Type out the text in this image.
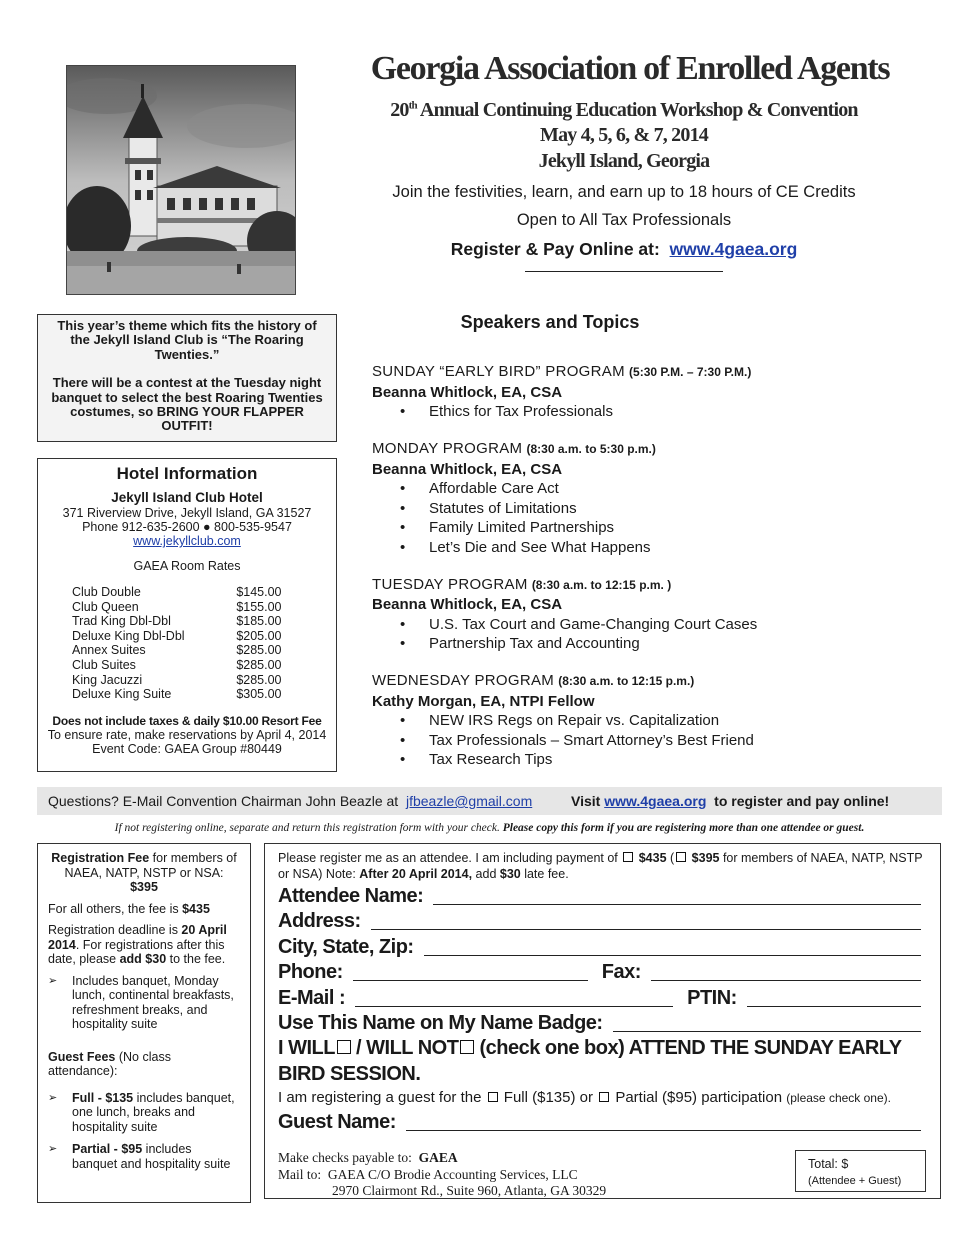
Georgia Association of Enrolled Agents
20th Annual Continuing Education Workshop & Convention
May 4, 5, 6, & 7, 2014
Jekyll Island, Georgia
Join the festivities, learn, and earn up to 18 hours of CE Credits
Open to All Tax Professionals
Register & Pay Online at: www.4gaea.org

This year’s theme which fits the history of the Jekyll Island Club is “The Roaring Twenties.”

There will be a contest at the Tuesday night banquet to select the best Roaring Twenties costumes, so BRING YOUR FLAPPER OUTFIT!

Hotel Information
Jekyll Island Club Hotel
371 Riverview Drive, Jekyll Island, GA 31527
Phone 912-635-2600 ● 800-535-9547
www.jekyllclub.com
GAEA Room Rates
Club Double	$145.00
Club Queen	$155.00
Trad King Dbl-Dbl	$185.00
Deluxe King Dbl-Dbl	$205.00
Annex Suites	$285.00
Club Suites	$285.00
King Jacuzzi	$285.00
Deluxe King Suite	$305.00
Does not include taxes & daily $10.00 Resort Fee
To ensure rate, make reservations by April 4, 2014
Event Code: GAEA Group #80449
Speakers and Topics
SUNDAY “EARLY BIRD” PROGRAM (5:30 P.M. – 7:30 P.M.)
Beanna Whitlock, EA, CSA
• Ethics for Tax Professionals
MONDAY PROGRAM (8:30 a.m. to 5:30 p.m.)
Beanna Whitlock, EA, CSA
• Affordable Care Act
• Statutes of Limitations
• Family Limited Partnerships
• Let’s Die and See What Happens
TUESDAY PROGRAM (8:30 a.m. to 12:15 p.m. )
Beanna Whitlock, EA, CSA
• U.S. Tax Court and Game-Changing Court Cases
• Partnership Tax and Accounting
WEDNESDAY PROGRAM (8:30 a.m. to 12:15 p.m.)
Kathy Morgan, EA, NTPI Fellow
• NEW IRS Regs on Repair vs. Capitalization
• Tax Professionals – Smart Attorney’s Best Friend
• Tax Research Tips
Questions? E-Mail Convention Chairman John Beazle at jfbeazle@gmail.com	Visit www.4gaea.org to register and pay online!
If not registering online, separate and return this registration form with your check. Please copy this form if you are registering more than one attendee or guest.
Registration Fee for members of NAEA, NATP, NSTP or NSA:
$395
For all others, the fee is $435
Registration deadline is 20 April 2014. For registrations after this date, please add $30 to the fee.
➢ Includes banquet, Monday lunch, continental breakfasts, refreshment breaks, and hospitality suite
Guest Fees (No class attendance):
➢ Full - $135 includes banquet, one lunch, breaks and hospitality suite
➢ Partial - $95 includes banquet and hospitality suite
Please register me as an attendee. I am including payment of  $435 ( $395 for members of NAEA, NATP, NSTP or NSA) Note: After 20 April 2014, add $30 late fee.
Attendee Name:
Address:
City, State, Zip:
Phone:	Fax:
E-Mail :	PTIN:
Use This Name on My Name Badge:
I WILL / WILL NOT (check one box) ATTEND THE SUNDAY EARLY BIRD SESSION.
I am registering a guest for the  Full ($135) or  Partial ($95) participation (please check one).
Guest Name:
Make checks payable to: GAEA
Mail to: GAEA C/O Brodie Accounting Services, LLC
2970 Clairmont Rd., Suite 960, Atlanta, GA 30329
Total: $
(Attendee + Guest)
